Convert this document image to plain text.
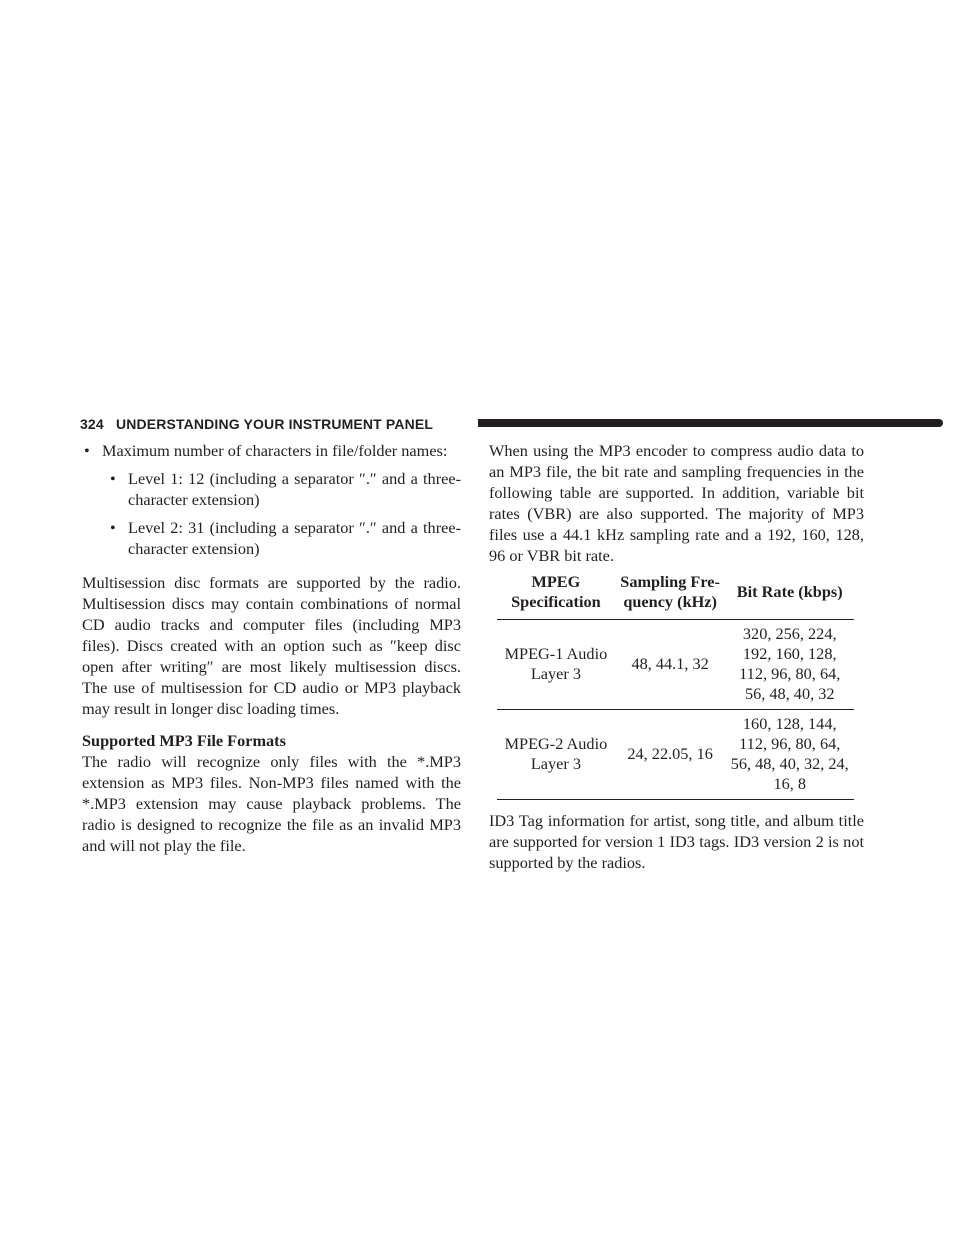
324 UNDERSTANDING YOUR INSTRUMENT PANEL
• Maximum number of characters in file/folder names:
• Level 1: 12 (including a separator ″.″ and a three-character extension)
• Level 2: 31 (including a separator ″.″ and a three-character extension)

Multisession disc formats are supported by the radio. Multisession discs may contain combinations of normal CD audio tracks and computer files (including MP3 files). Discs created with an option such as ″keep disc open after writing″ are most likely multisession discs. The use of multisession for CD audio or MP3 playback may result in longer disc loading times.

Supported MP3 File Formats

The radio will recognize only files with the *.MP3 extension as MP3 files. Non-MP3 files named with the *.MP3 extension may cause playback problems. The radio is designed to recognize the file as an invalid MP3 and will not play the file.

When using the MP3 encoder to compress audio data to an MP3 file, the bit rate and sampling frequencies in the following table are supported. In addition, variable bit rates (VBR) are also supported. The majority of MP3 files use a 44.1 kHz sampling rate and a 192, 160, 128, 96 or VBR bit rate.

MPEG Specification	Sampling Fre- quency (kHz)	Bit Rate (kbps)
MPEG-1 Audio Layer 3	48, 44.1, 32	320, 256, 224, 192, 160, 128, 112, 96, 80, 64, 56, 48, 40, 32
MPEG-2 Audio Layer 3	24, 22.05, 16	160, 128, 144, 112, 96, 80, 64, 56, 48, 40, 32, 24, 16, 8

ID3 Tag information for artist, song title, and album title are supported for version 1 ID3 tags. ID3 version 2 is not supported by the radios.
